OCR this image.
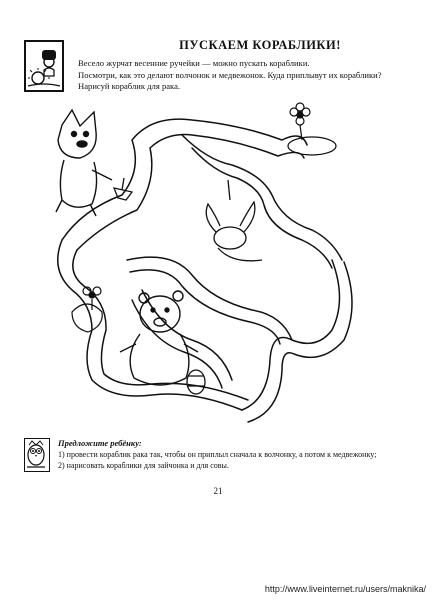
ПУСКАЕМ КОРАБЛИКИ!

Весело журчат весенние ручейки — можно пускать кораблики.

Посмотри, как это делают волчонок и медвежонок. Куда приплывут их кораблики? Нарисуй кораблик для рака.

Предложите ребёнку:
1) провести кораблик рака так, чтобы он приплыл сначала к волчонку, а потом к медвежонку;
2) нарисовать кораблики для зайчонка и для совы.
21
http://www.liveinternet.ru/users/maknika/
